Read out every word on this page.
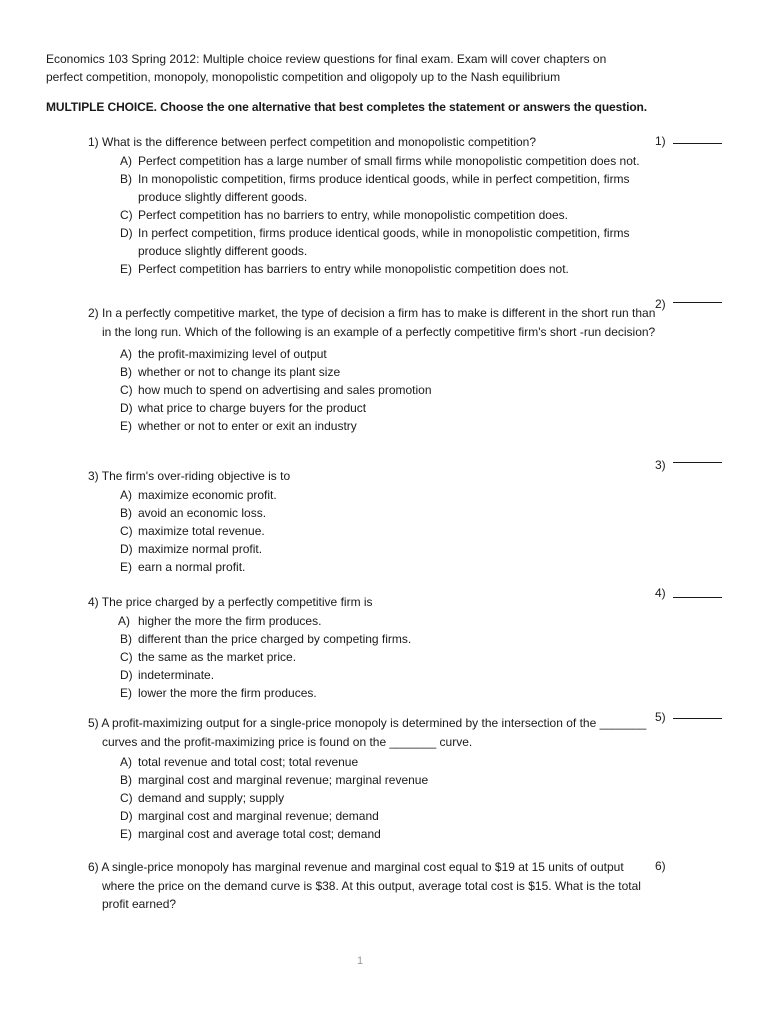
Economics 103 Spring 2012: Multiple choice review questions for final exam. Exam will cover chapters on
perfect competition, monopoly, monopolistic competition and oligopoly up to the Nash equilibrium
MULTIPLE CHOICE. Choose the one alternative that best completes the statement or answers the question.
1) What is the difference between perfect competition and monopolistic competition?
A) Perfect competition has a large number of small firms while monopolistic competition does not.
B) In monopolistic competition, firms produce identical goods, while in perfect competition, firms produce slightly different goods.
C) Perfect competition has no barriers to entry, while monopolistic competition does.
D) In perfect competition, firms produce identical goods, while in monopolistic competition, firms produce slightly different goods.
E) Perfect competition has barriers to entry while monopolistic competition does not.
1)
2) In a perfectly competitive market, the type of decision a firm has to make is different in the short run than in the long run. Which of the following is an example of a perfectly competitive firm's short -run decision?
A) the profit-maximizing level of output
B) whether or not to change its plant size
C) how much to spend on advertising and sales promotion
D) what price to charge buyers for the product
E) whether or not to enter or exit an industry
2)
3) The firm's over-riding objective is to
A) maximize economic profit.
B) avoid an economic loss.
C) maximize total revenue.
D) maximize normal profit.
E) earn a normal profit.
3)
4) The price charged by a perfectly competitive firm is
A) higher the more the firm produces.
B) different than the price charged by competing firms.
C) the same as the market price.
D) indeterminate.
E) lower the more the firm produces.
4)
5) A profit-maximizing output for a single-price monopoly is determined by the intersection of the _______ curves and the profit-maximizing price is found on the _______ curve.
A) total revenue and total cost; total revenue
B) marginal cost and marginal revenue; marginal revenue
C) demand and supply; supply
D) marginal cost and marginal revenue; demand
E) marginal cost and average total cost; demand
5)
6) A single-price monopoly has marginal revenue and marginal cost equal to $19 at 15 units of output where the price on the demand curve is $38. At this output, average total cost is $15. What is the total profit earned?
6)
1
